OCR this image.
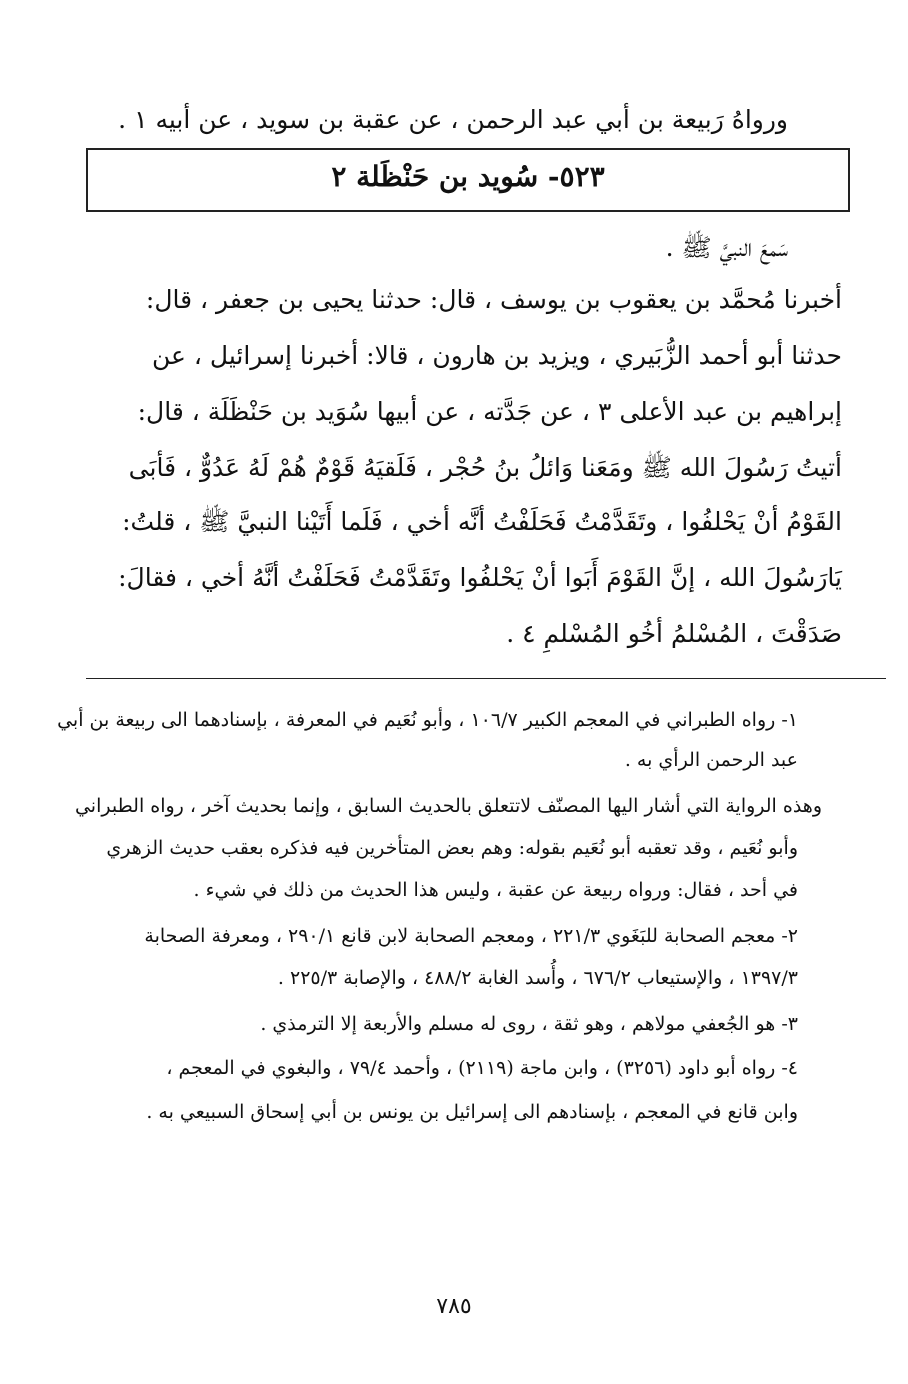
ورواهُ رَبيعة بن أبي عبد الرحمن ، عن عقبة بن سويد ، عن أبيه ١ .
٥٢٣- سُويد بن حَنْظَلة ٢
سَمعَ النبيَّ ﷺ .
أخبرنا مُحمَّد بن يعقوب بن يوسف ، قال: حدثنا يحيى بن جعفر ، قال:
حدثنا أبو أحمد الزُّبَيري ، ويزيد بن هارون ، قالا: أخبرنا إسرائيل ، عن
إبراهيم بن عبد الأعلى ٣ ، عن جَدَّته ، عن أبيها سُوَيد بن حَنْظَلَة ، قال:
أتيتُ رَسُولَ الله ﷺ ومَعَنا وَائلُ بنُ حُجْر ، فَلَقيَهُ قَوْمٌ هُمْ لَهُ عَدُوٌّ ، فَأبَى
القَوْمُ أنْ يَحْلفُوا ، وتَقَدَّمْتُ فَحَلَفْتُ أنَّه أخي ، فَلَما أَتَيْنا النبيَّ ﷺ ، قلتُ:
يَارَسُولَ الله ، إنَّ القَوْمَ أَبَوا أنْ يَحْلفُوا وتَقَدَّمْتُ فَحَلَفْتُ أنَّهُ أخي ، فقالَ:
صَدَقْتَ ، المُسْلمُ أخُو المُسْلمِ ٤ .
١- رواه الطبراني في المعجم الكبير ١٠٦/٧ ، وأبو نُعَيم في المعرفة ، بإسنادهما الى ربيعة بن أبي
عبد الرحمن الرأي به .
وهذه الرواية التي أشار اليها المصنّف لاتتعلق بالحديث السابق ، وإنما بحديث آخر ، رواه الطبراني
وأبو نُعَيم ، وقد تعقبه أبو نُعَيم بقوله: وهم بعض المتأخرين فيه فذكره بعقب حديث الزهري
في أحد ، فقال: ورواه ربيعة عن عقبة ، وليس هذا الحديث من ذلك في شيء .
٢- معجم الصحابة للبَغَوي ٢٢١/٣ ، ومعجم الصحابة لابن قانع ٢٩٠/١ ، ومعرفة الصحابة
١٣٩٧/٣ ، والإستيعاب ٦٧٦/٢ ، وأُسد الغابة ٤٨٨/٢ ، والإصابة ٢٢٥/٣ .
٣- هو الجُعفي مولاهم ، وهو ثقة ، روى له مسلم والأربعة إلا الترمذي .
٤- رواه أبو داود (٣٢٥٦) ، وابن ماجة (٢١١٩) ، وأحمد ٧٩/٤ ، والبغوي في المعجم ،
وابن قانع في المعجم ، بإسنادهم الى إسرائيل بن يونس بن أبي إسحاق السبيعي به .
٧٨٥
